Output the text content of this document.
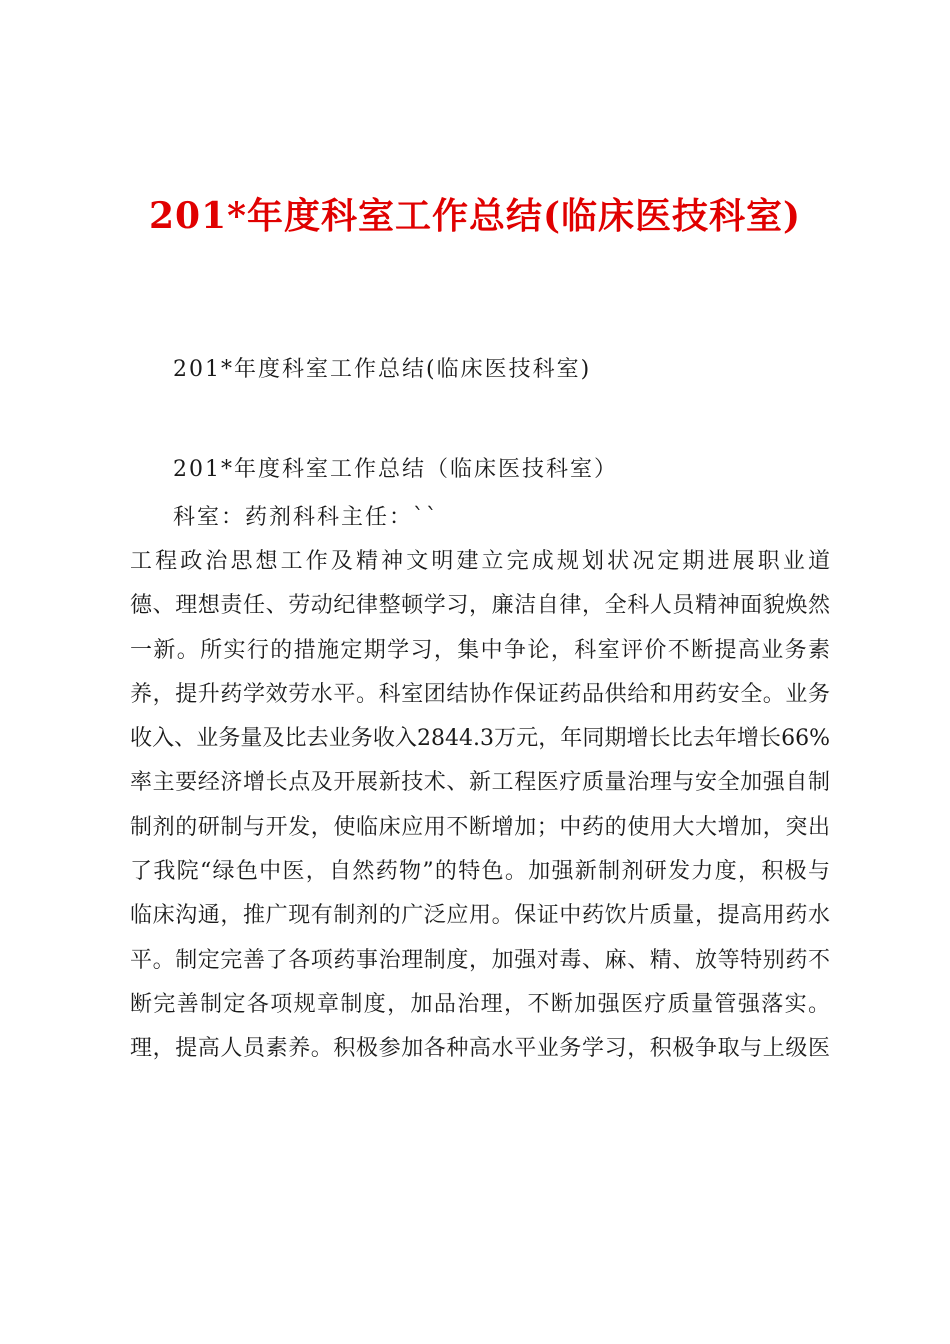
201*年度科室工作总结(临床医技科室)
201*年度科室工作总结(临床医技科室)
201*年度科室工作总结（临床医技科室）
科室：药剂科科主任：``
工程政治思想工作及精神文明建立完成规划状况定期进展职业道
德、理想责任、劳动纪律整顿学习，廉洁自律，全科人员精神面貌焕然
一新。所实行的措施定期学习，集中争论，科室评价不断提高业务素
养，提升药学效劳水平。科室团结协作保证药品供给和用药安全。业务
收入、业务量及比去业务收入2844.3万元，年同期增长比去年增长66%
率主要经济增长点及开展新技术、新工程医疗质量治理与安全加强自制
制剂的研制与开发，使临床应用不断增加；中药的使用大大增加，突出
了我院“绿色中医，自然药物”的特色。加强新制剂研发力度，积极与
临床沟通，推广现有制剂的广泛应用。保证中药饮片质量，提高用药水
平。制定完善了各项药事治理制度，加强对毒、麻、精、放等特别药不
断完善制定各项规章制度，加品治理，不断加强医疗质量管强落实。
理，提高人员素养。积极参加各种高水平业务学习，积极争取与上级医
